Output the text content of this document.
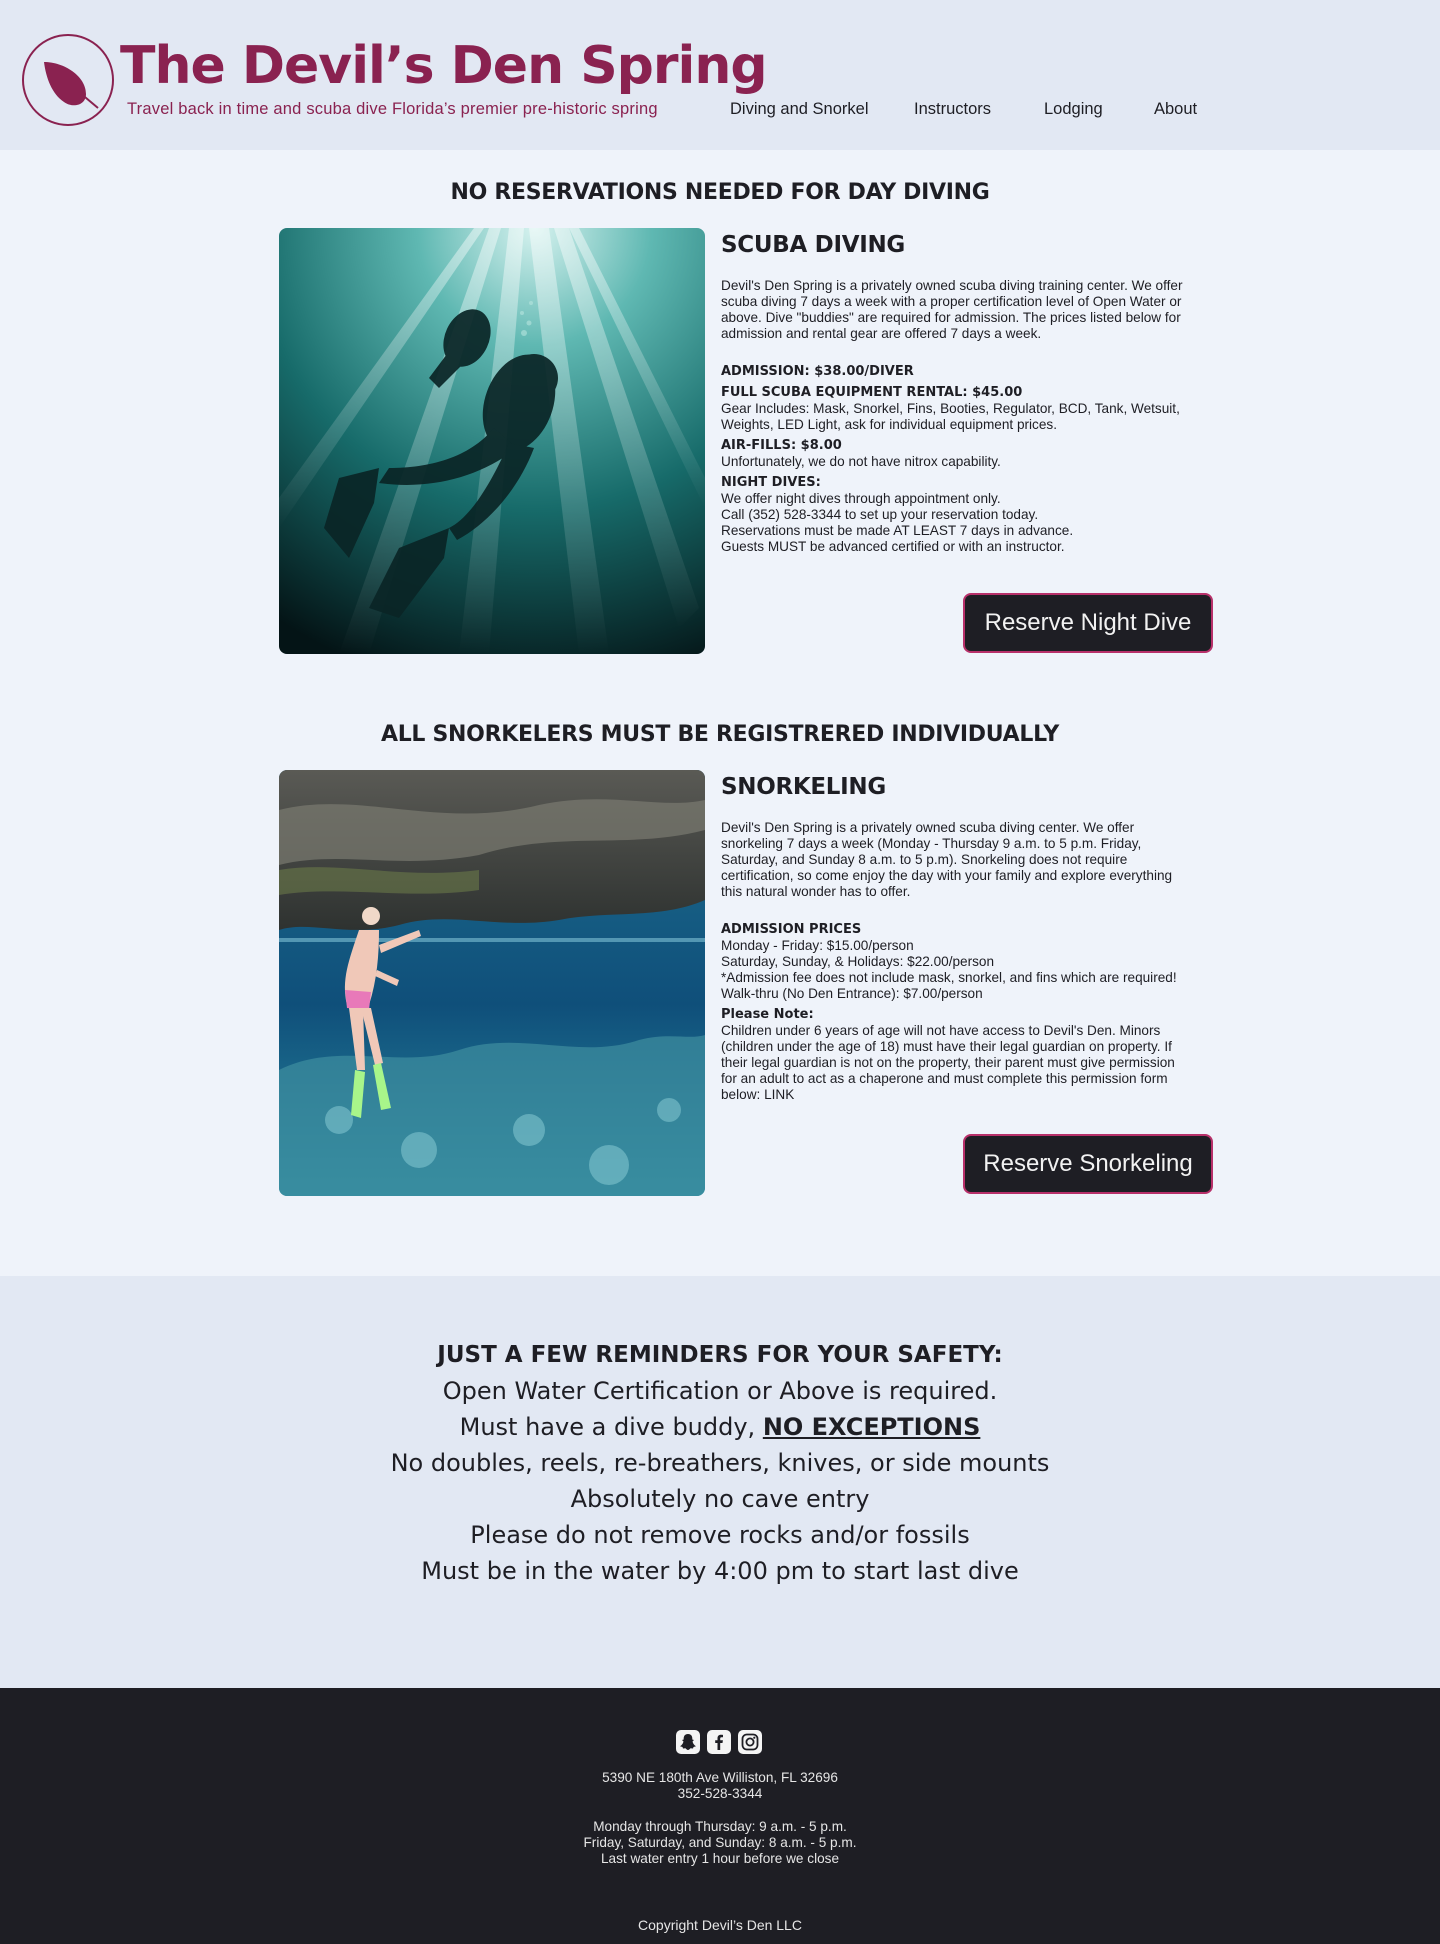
The Devil’s Den Spring
Travel back in time and scuba dive Florida’s premier pre-historic spring	Diving and Snorkel	Instructors	Lodging	About
NO RESERVATIONS NEEDED FOR DAY DIVING
SCUBA DIVING

Devil's Den Spring is a privately owned scuba diving training center. We offer scuba diving 7 days a week with a proper certification level of Open Water or above. Dive "buddies" are required for admission. The prices listed below for admission and rental gear are offered 7 days a week.

ADMISSION: $38.00/DIVER
FULL SCUBA EQUIPMENT RENTAL: $45.00

Gear Includes: Mask, Snorkel, Fins, Booties, Regulator, BCD, Tank, Wetsuit, Weights, LED Light, ask for individual equipment prices.

AIR-FILLS: $8.00

Unfortunately, we do not have nitrox capability.

NIGHT DIVES:

We offer night dives through appointment only.

Call (352) 528-3344 to set up your reservation today.

Reservations must be made AT LEAST 7 days in advance.

Guests MUST be advanced certified or with an instructor.

Reserve Night Dive
ALL SNORKELERS MUST BE REGISTRERED INDIVIDUALLY
SNORKELING

Devil's Den Spring is a privately owned scuba diving center. We offer snorkeling 7 days a week (Monday - Thursday 9 a.m. to 5 p.m. Friday, Saturday, and Sunday 8 a.m. to 5 p.m). Snorkeling does not require certification, so come enjoy the day with your family and explore everything this natural wonder has to offer.

ADMISSION PRICES

Monday - Friday: $15.00/person

Saturday, Sunday, & Holidays: $22.00/person

*Admission fee does not include mask, snorkel, and fins which are required!

Walk-thru (No Den Entrance): $7.00/person

Please Note:

Children under 6 years of age will not have access to Devil's Den. Minors (children under the age of 18) must have their legal guardian on property. If their legal guardian is not on the property, their parent must give permission for an adult to act as a chaperone and must complete this permission form below: LINK

Reserve Snorkeling
JUST A FEW REMINDERS FOR YOUR SAFETY:
Open Water Certification or Above is required.
Must have a dive buddy, NO EXCEPTIONS
No doubles, reels, re-breathers, knives, or side mounts
Absolutely no cave entry
Please do not remove rocks and/or fossils
Must be in the water by 4:00 pm to start last dive
5390 NE 180th Ave Williston, FL 32696
352-528-3344
Monday through Thursday: 9 a.m. - 5 p.m.
Friday, Saturday, and Sunday: 8 a.m. - 5 p.m.
Last water entry 1 hour before we close
Copyright Devil’s Den LLC
